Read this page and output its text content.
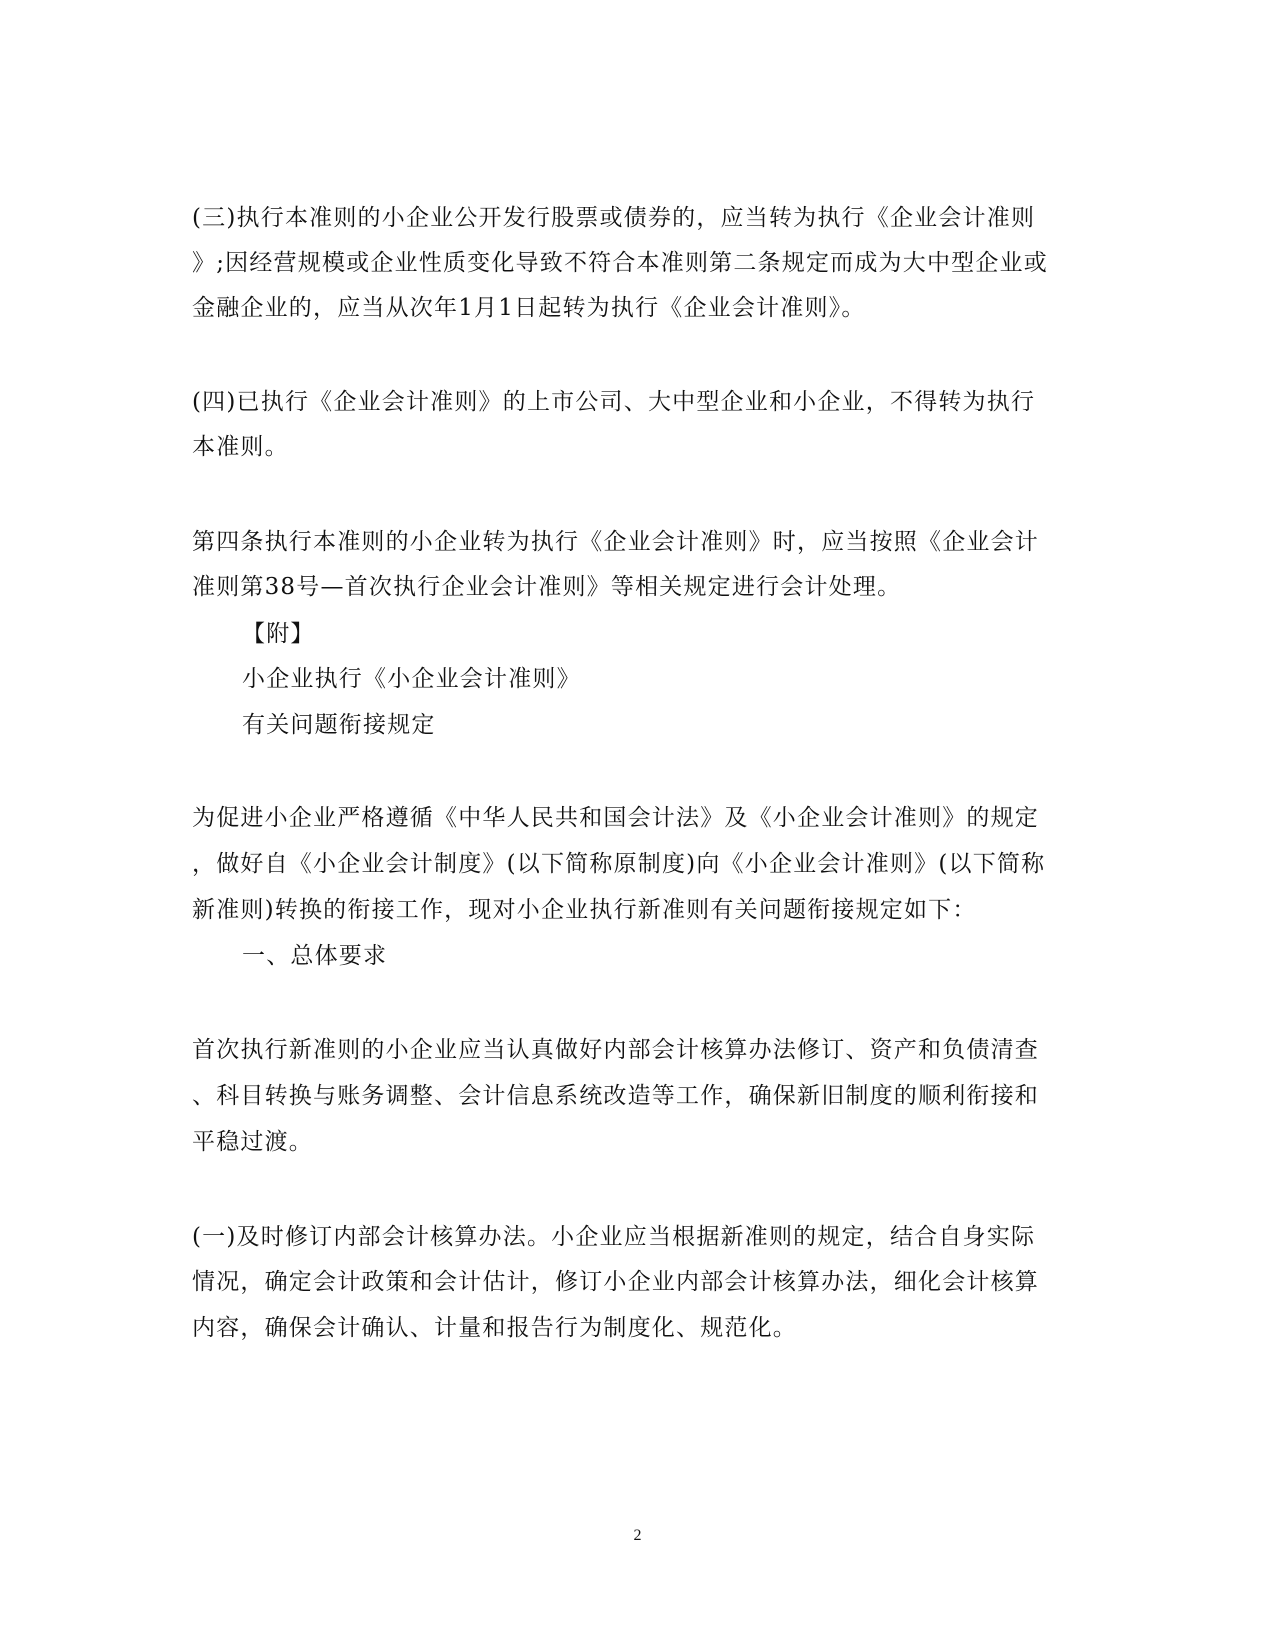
(三)执行本准则的小企业公开发行股票或债券的，应当转为执行《企业会计准则
》;因经营规模或企业性质变化导致不符合本准则第二条规定而成为大中型企业或
金融企业的，应当从次年1月1日起转为执行《企业会计准则》。
(四)已执行《企业会计准则》的上市公司、大中型企业和小企业，不得转为执行
本准则。
第四条执行本准则的小企业转为执行《企业会计准则》时，应当按照《企业会计
准则第38号—首次执行企业会计准则》等相关规定进行会计处理。
【附】
小企业执行《小企业会计准则》
有关问题衔接规定
为促进小企业严格遵循《中华人民共和国会计法》及《小企业会计准则》的规定
，做好自《小企业会计制度》(以下简称原制度)向《小企业会计准则》(以下简称
新准则)转换的衔接工作，现对小企业执行新准则有关问题衔接规定如下：
一、总体要求
首次执行新准则的小企业应当认真做好内部会计核算办法修订、资产和负债清查
、科目转换与账务调整、会计信息系统改造等工作，确保新旧制度的顺利衔接和
平稳过渡。
(一)及时修订内部会计核算办法。小企业应当根据新准则的规定，结合自身实际
情况，确定会计政策和会计估计，修订小企业内部会计核算办法，细化会计核算
内容，确保会计确认、计量和报告行为制度化、规范化。
2
